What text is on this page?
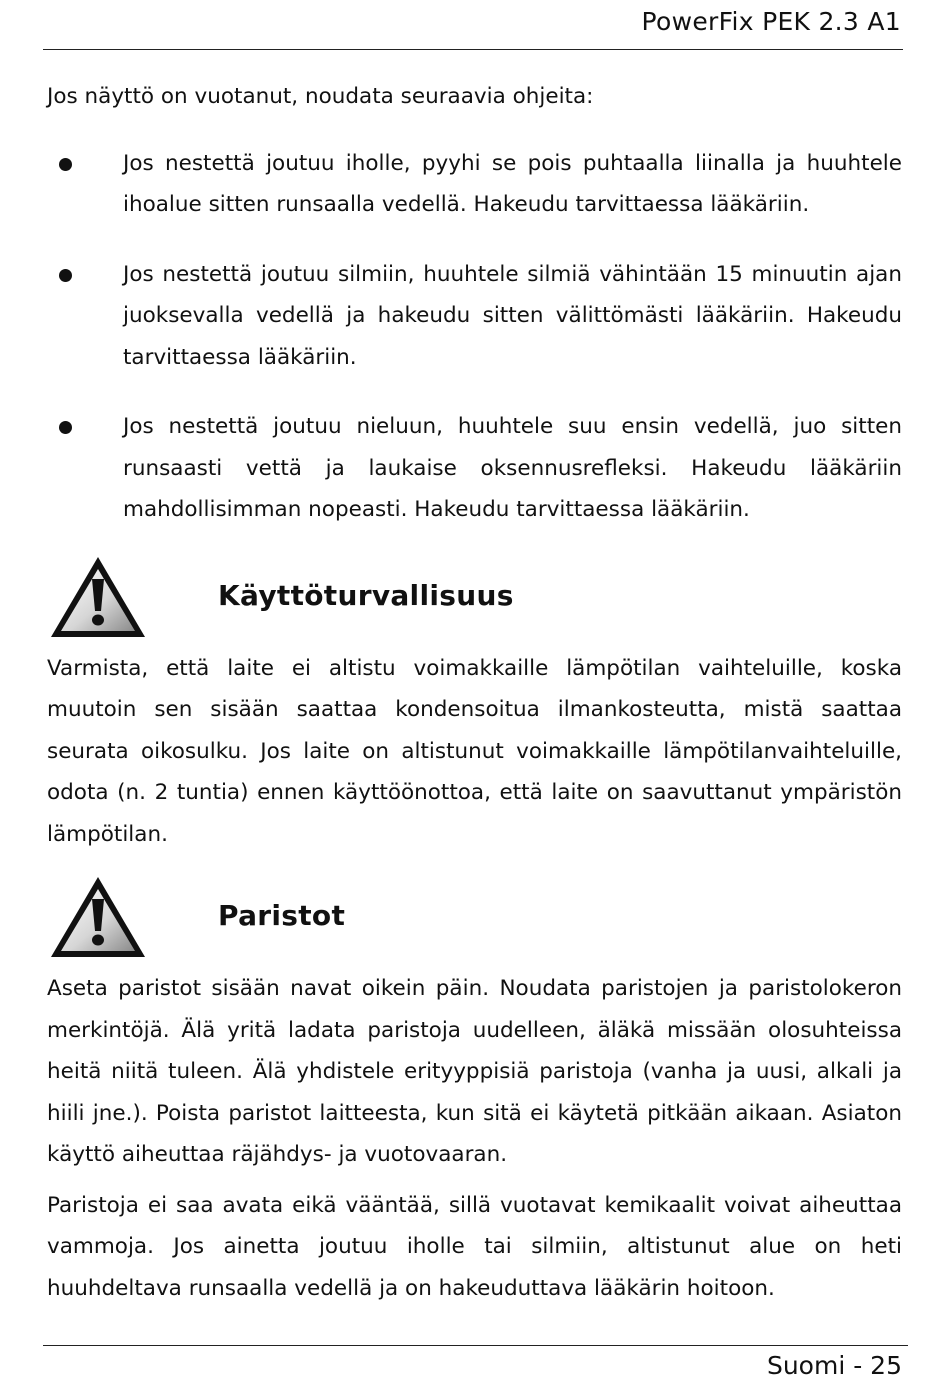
PowerFix PEK 2.3 A1

Jos näyttö on vuotanut, noudata seuraavia ohjeita:

Jos nestettä joutuu iholle, pyyhi se pois puhtaalla liinalla ja huuhtele ihoalue sitten runsaalla vedellä. Hakeudu tarvittaessa lääkäriin.
Jos nestettä joutuu silmiin, huuhtele silmiä vähintään 15 minuutin ajan juoksevalla vedellä ja hakeudu sitten välittömästi lääkäriin. Hakeudu tarvittaessa lääkäriin.
Jos nestettä joutuu nieluun, huuhtele suu ensin vedellä, juo sitten runsaasti vettä ja laukaise oksennusrefleksi. Hakeudu lääkäriin mahdollisimman nopeasti. Hakeudu tarvittaessa lääkäriin.
Käyttöturvallisuus

Varmista, että laite ei altistu voimakkaille lämpötilan vaihteluille, koska muutoin sen sisään saattaa kondensoitua ilmankosteutta, mistä saattaa seurata oikosulku. Jos laite on altistunut voimakkaille lämpötilanvaihteluille, odota (n. 2 tuntia) ennen käyttöönottoa, että laite on saavuttanut ympäristön lämpötilan.

Paristot

Aseta paristot sisään navat oikein päin. Noudata paristojen ja paristolokeron merkintöjä. Älä yritä ladata paristoja uudelleen, äläkä missään olosuhteissa heitä niitä tuleen. Älä yhdistele erityyppisiä paristoja (vanha ja uusi, alkali ja hiili jne.). Poista paristot laitteesta, kun sitä ei käytetä pitkään aikaan. Asiaton käyttö aiheuttaa räjähdys- ja vuotovaaran.

Paristoja ei saa avata eikä vääntää, sillä vuotavat kemikaalit voivat aiheuttaa vammoja. Jos ainetta joutuu iholle tai silmiin, altistunut alue on heti huuhdeltava runsaalla vedellä ja on hakeuduttava lääkärin hoitoon.

Suomi - 25
